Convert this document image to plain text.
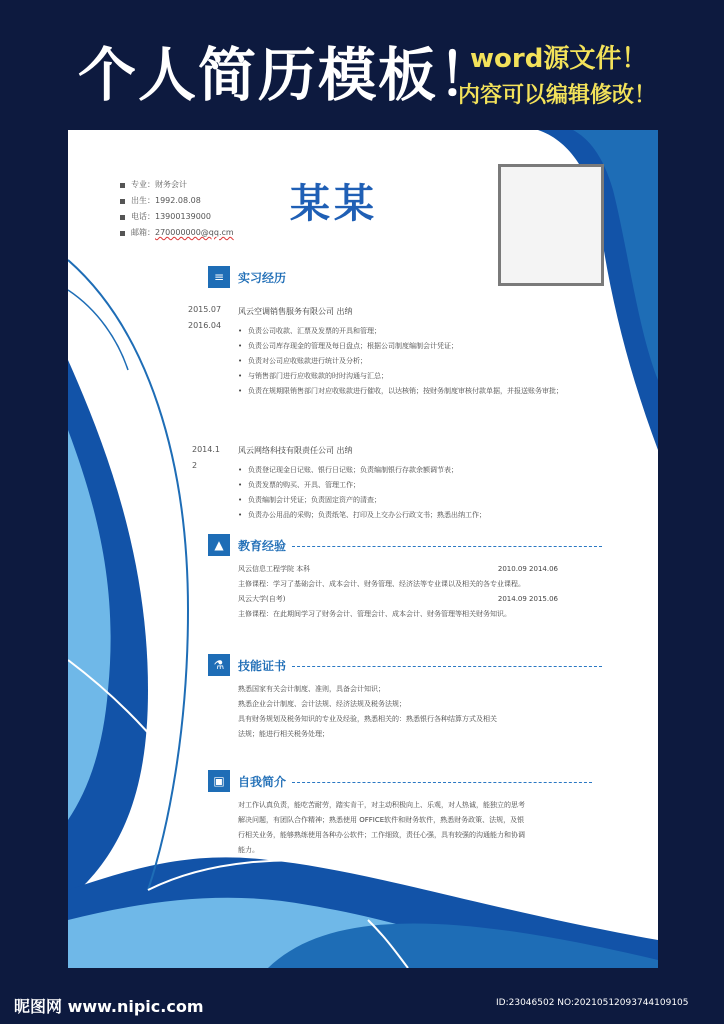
个人简历模板！
word源文件！
内容可以编辑修改！
专业： 财务会计
出生： 1992.08.08
电话： 13900139000
邮箱： 270000000@qq.cm
某某
≡	实习经历
2015.07
2016.04
风云空调销售服务有限公司 出纳
• 负责公司收款、汇票及发票的开具和管理；
• 负责公司库存现金的管理及每日盘点；根据公司制度编制会计凭证；
• 负责对公司应收账款进行统计及分析；
• 与销售部门进行应收账款的时时沟通与汇总；
• 负责在规期限销售部门对应收账款进行催收，以达核销；按财务制度审核付款单据，并报送账务审批；
2014.1
2
风云网络科技有限责任公司 出纳
• 负责登记现金日记账、银行日记账；负责编制银行存款余额调节表；
• 负责发票的购买、开具、管理工作；
• 负责编制会计凭证；负责固定资产的清查；
• 负责办公用品的采购；负责纸笔、打印及上交办公行政文书；熟悉出纳工作；
▲	教育经验
风云信息工程学院 本科	2010.09 2014.06
主修课程：学习了基础会计、成本会计、财务管理、经济法等专业课以及相关的各专业课程。
风云大学(自考)	2014.09 2015.06
主修课程：在此期间学习了财务会计、管理会计、成本会计、财务管理等相关财务知识。
⚗	技能证书
熟悉国家有关会计制度、准则，具备会计知识；
熟悉企业会计制度、会计法规、经济法规及税务法规；
具有财务规划及税务知识的专业及经验，熟悉相关的：熟悉银行各种结算方式及相关
法规；能进行相关税务处理；
▣	自我简介
对工作认真负责，能吃苦耐劳，踏实肯干，对主动积极向上、乐观，对人热诚，能独立的思考
解决问题，有团队合作精神；熟悉使用 OFFICE软件和财务软件，熟悉财务政策、法规，及银
行相关业务，能够熟练使用各种办公软件；工作细致，责任心强，具有较强的沟通能力和协调
能力。
昵图网 www.nipic.com	ID:23046502 NO:20210512093744109105
